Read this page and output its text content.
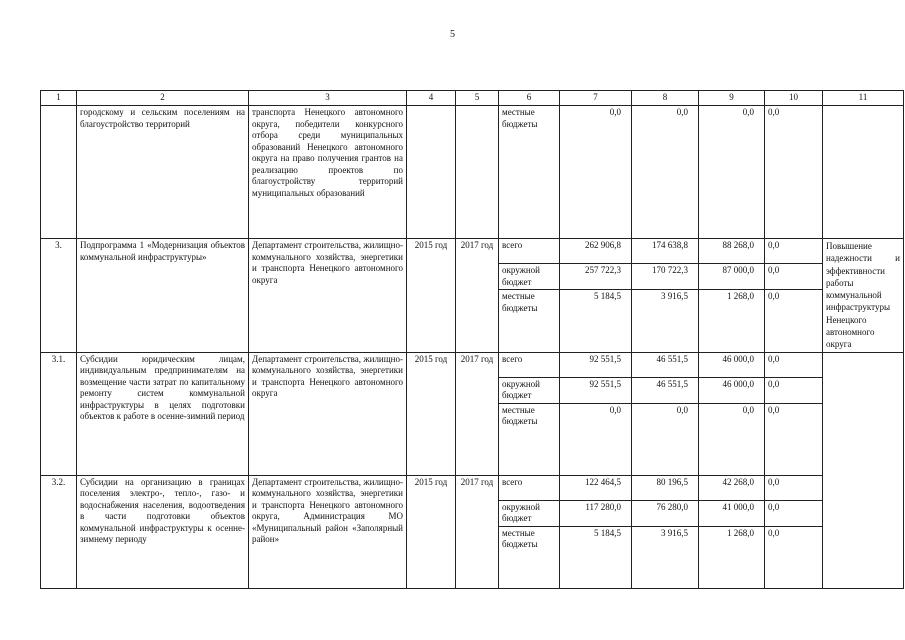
5
1	2	3	4	5	6	7	8	9	10	11
	городскому и сельским поселениям на благоустройство территорий	транспорта Ненецкого автономного округа, победители конкурсного отбора среди муниципальных образований Ненецкого автономного округа на право получения грантов на реализацию проектов по благоустройству территорий муниципальных образований			местные бюджеты	0,0	0,0	0,0	0,0	
3.	Подпрограмма 1 «Модернизация объектов коммунальной инфраструктуры»	Департамент строительства, жилищно-коммунального хозяйства, энергетики и транспорта Ненецкого автономного округа	2015 год	2017 год	всего	262 906,8	174 638,8	88 268,0	0,0	Повышение надежности и эффективности работы коммунальной инфраструктуры Ненецкого автономного округа
					окружной бюджет	257 722,3	170 722,3	87 000,0	0,0	
					местные бюджеты	5 184,5	3 916,5	1 268,0	0,0	
3.1.	Субсидии юридическим лицам, индивидуальным предпринимателям на возмещение части затрат по капитальному ремонту систем коммунальной инфраструктуры в целях подготовки объектов к работе в осенне-зимний период	Департамент строительства, жилищно-коммунального хозяйства, энергетики и транспорта Ненецкого автономного округа	2015 год	2017 год	всего	92 551,5	46 551,5	46 000,0	0,0	
					окружной бюджет	92 551,5	46 551,5	46 000,0	0,0	
					местные бюджеты	0,0	0,0	0,0	0,0	
3.2.	Субсидии на организацию в границах поселения электро-, тепло-, газо- и водоснабжения населения, водоотведения в части подготовки объектов коммунальной инфраструктуры к осенне-зимнему периоду	Департамент строительства, жилищно-коммунального хозяйства, энергетики и транспорта Ненецкого автономного округа, Администрация МО «Муниципальный район «Заполярный район»	2015 год	2017 год	всего	122 464,5	80 196,5	42 268,0	0,0	
					окружной бюджет	117 280,0	76 280,0	41 000,0	0,0	
					местные бюджеты	5 184,5	3 916,5	1 268,0	0,0	
